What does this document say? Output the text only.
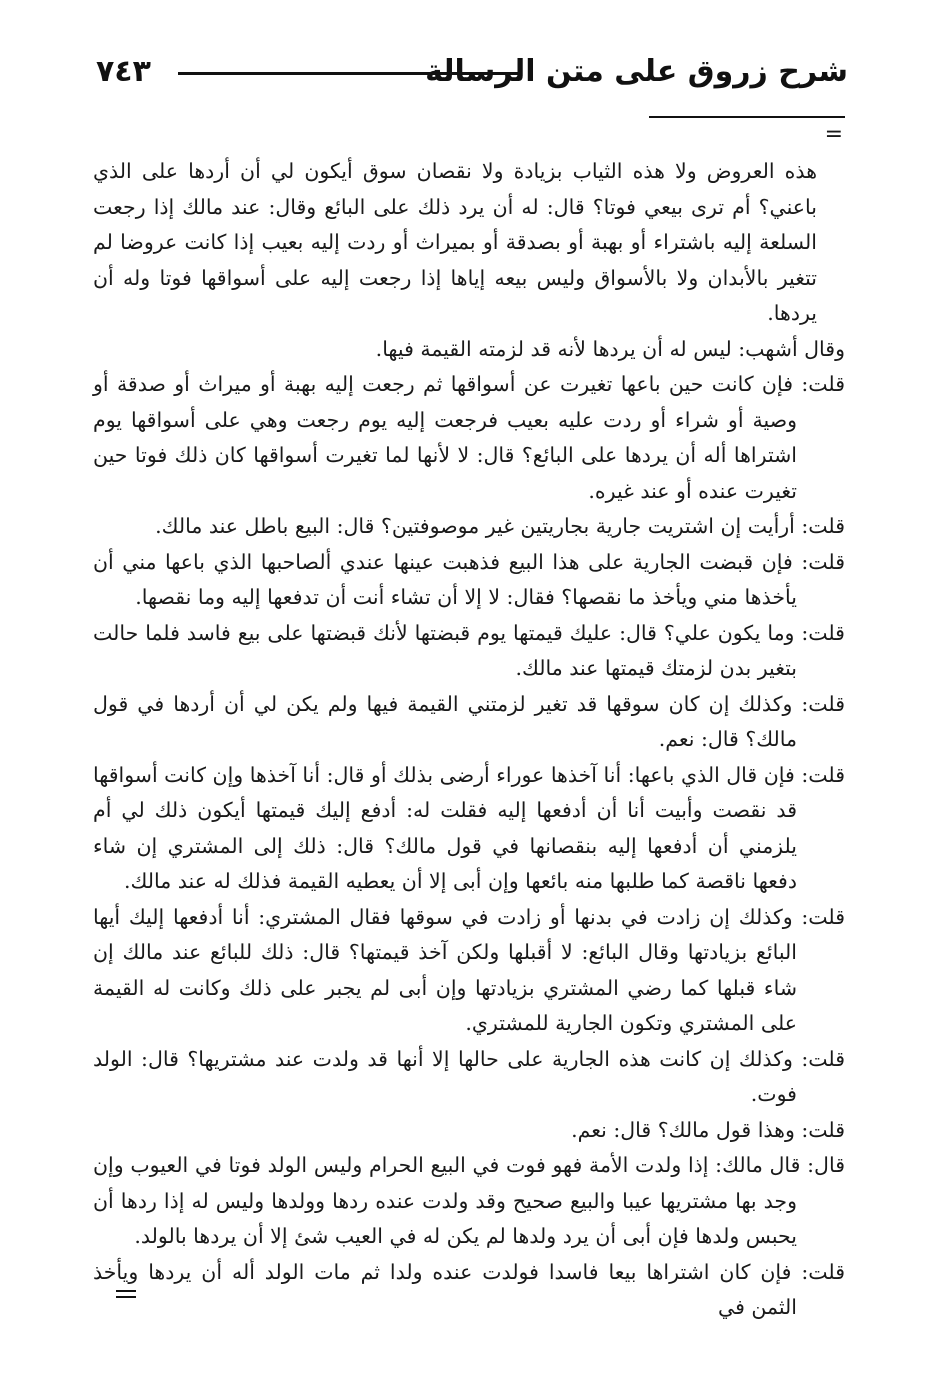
شرح زروق على متن الرسالة
٧٤٣
=

هذه العروض ولا هذه الثياب بزيادة ولا نقصان سوق أيكون لي أن أردها على الذي باعني؟ أم ترى بيعي فوتا؟ قال: له أن يرد ذلك على البائع وقال: عند مالك إذا رجعت السلعة إليه باشتراء أو بهبة أو بصدقة أو بميراث أو ردت إليه بعيب إذا كانت عروضا لم تتغير بالأبدان ولا بالأسواق وليس بيعه إياها إذا رجعت إليه على أسواقها فوتا وله أن يردها.

وقال أشهب: ليس له أن يردها لأنه قد لزمته القيمة فيها.

قلت: فإن كانت حين باعها تغيرت عن أسواقها ثم رجعت إليه بهبة أو ميراث أو صدقة أو وصية أو شراء أو ردت عليه بعيب فرجعت إليه يوم رجعت وهي على أسواقها يوم اشتراها أله أن يردها على البائع؟ قال: لا لأنها لما تغيرت أسواقها كان ذلك فوتا حين تغيرت عنده أو عند غيره.

قلت: أرأيت إن اشتريت جارية بجاريتين غير موصوفتين؟ قال: البيع باطل عند مالك.

قلت: فإن قبضت الجارية على هذا البيع فذهبت عينها عندي ألصاحبها الذي باعها مني أن يأخذها مني ويأخذ ما نقصها؟ فقال: لا إلا أن تشاء أنت أن تدفعها إليه وما نقصها.

قلت: وما يكون علي؟ قال: عليك قيمتها يوم قبضتها لأنك قبضتها على بيع فاسد فلما حالت بتغير بدن لزمتك قيمتها عند مالك.

قلت: وكذلك إن كان سوقها قد تغير لزمتني القيمة فيها ولم يكن لي أن أردها في قول مالك؟ قال: نعم.

قلت: فإن قال الذي باعها: أنا آخذها عوراء أرضى بذلك أو قال: أنا آخذها وإن كانت أسواقها قد نقصت وأبيت أنا أن أدفعها إليه فقلت له: أدفع إليك قيمتها أيكون ذلك لي أم يلزمني أن أدفعها إليه بنقصانها في قول مالك؟ قال: ذلك إلى المشتري إن شاء دفعها ناقصة كما طلبها منه بائعها وإن أبى إلا أن يعطيه القيمة فذلك له عند مالك.

قلت: وكذلك إن زادت في بدنها أو زادت في سوقها فقال المشتري: أنا أدفعها إليك أيها البائع بزيادتها وقال البائع: لا أقبلها ولكن آخذ قيمتها؟ قال: ذلك للبائع عند مالك إن شاء قبلها كما رضي المشتري بزيادتها وإن أبى لم يجبر على ذلك وكانت له القيمة على المشتري وتكون الجارية للمشتري.

قلت: وكذلك إن كانت هذه الجارية على حالها إلا أنها قد ولدت عند مشتريها؟ قال: الولد فوت.

قلت: وهذا قول مالك؟ قال: نعم.

قال: قال مالك: إذا ولدت الأمة فهو فوت في البيع الحرام وليس الولد فوتا في العيوب وإن وجد بها مشتريها عيبا والبيع صحيح وقد ولدت عنده ردها وولدها وليس له إذا ردها أن يحبس ولدها فإن أبى أن يرد ولدها لم يكن له في العيب شئ إلا أن يردها بالولد.

قلت: فإن كان اشتراها بيعا فاسدا فولدت عنده ولدا ثم مات الولد أله أن يردها ويأخذ الثمن في
